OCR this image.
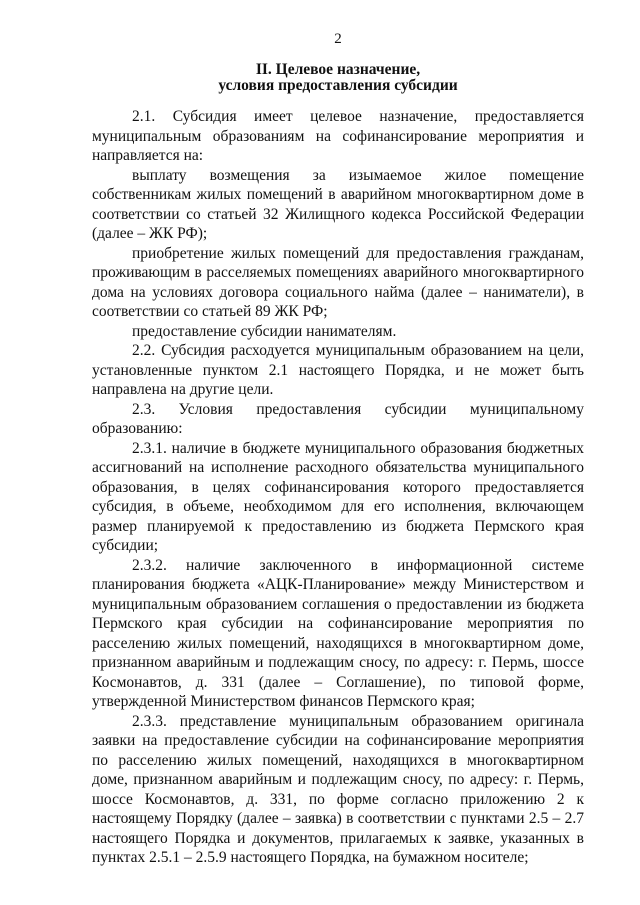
2
II. Целевое назначение,
условия предоставления субсидии

2.1. Субсидия имеет целевое назначение, предоставляется муниципальным образованиям на софинансирование мероприятия и направляется на:

выплату возмещения за изымаемое жилое помещение собственникам жилых помещений в аварийном многоквартирном доме в соответствии со статьей 32 Жилищного кодекса Российской Федерации (далее – ЖК РФ);

приобретение жилых помещений для предоставления гражданам, проживающим в расселяемых помещениях аварийного многоквартирного дома на условиях договора социального найма (далее – наниматели), в соответствии со статьей 89 ЖК РФ;

предоставление субсидии нанимателям.

2.2. Субсидия расходуется муниципальным образованием на цели, установленные пунктом 2.1 настоящего Порядка, и не может быть направлена на другие цели.

2.3. Условия предоставления субсидии муниципальному образованию:

2.3.1. наличие в бюджете муниципального образования бюджетных ассигнований на исполнение расходного обязательства муниципального образования, в целях софинансирования которого предоставляется субсидия, в объеме, необходимом для его исполнения, включающем размер планируемой к предоставлению из бюджета Пермского края субсидии;

2.3.2. наличие заключенного в информационной системе планирования бюджета «АЦК-Планирование» между Министерством и муниципальным образованием соглашения о предоставлении из бюджета Пермского края субсидии на софинансирование мероприятия по расселению жилых помещений, находящихся в многоквартирном доме, признанном аварийным и подлежащим сносу, по адресу: г. Пермь, шоссе Космонавтов, д. 331 (далее – Соглашение), по типовой форме, утвержденной Министерством финансов Пермского края;

2.3.3. представление муниципальным образованием оригинала заявки на предоставление субсидии на софинансирование мероприятия по расселению жилых помещений, находящихся в многоквартирном доме, признанном аварийным и подлежащим сносу, по адресу: г. Пермь, шоссе Космонавтов, д. 331, по форме согласно приложению 2 к настоящему Порядку (далее – заявка) в соответствии с пунктами 2.5 – 2.7 настоящего Порядка и документов, прилагаемых к заявке, указанных в пунктах 2.5.1 – 2.5.9 настоящего Порядка, на бумажном носителе;
